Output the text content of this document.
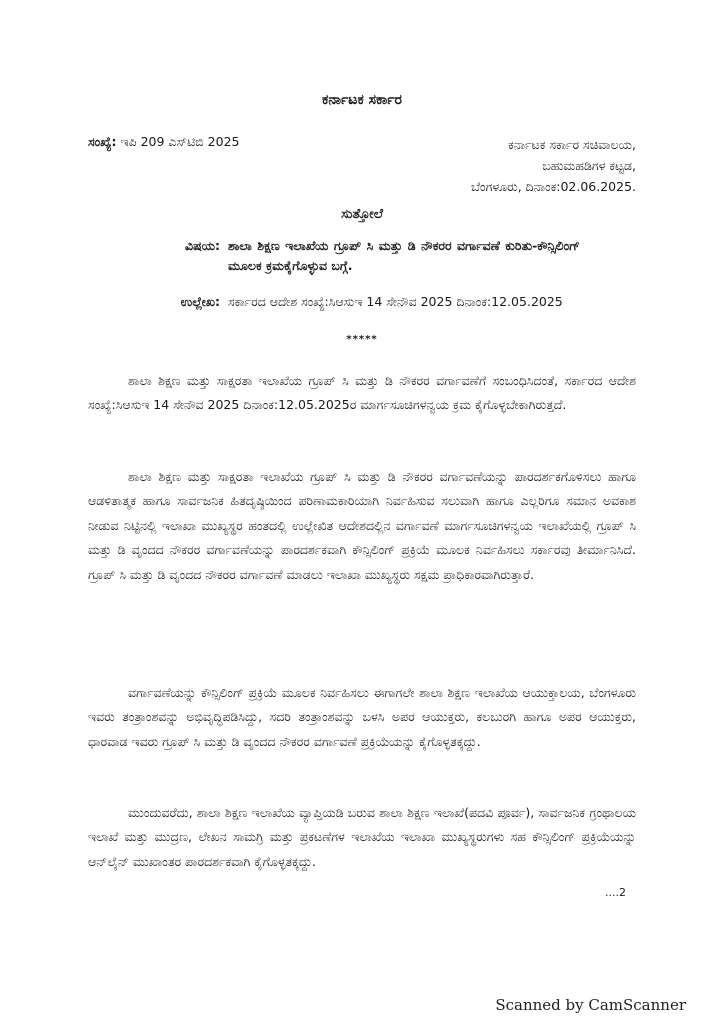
ಕರ್ನಾಟಕ ಸರ್ಕಾರ
ಸಂಖ್ಯೆ: ಇಪಿ 209 ಎಸ್‌ಟಿಬಿ 2025	ಕರ್ನಾಟಕ ಸರ್ಕಾರ ಸಚಿವಾಲಯ,
ಬಹುಮಹಡಿಗಳ ಕಟ್ಟಡ,
ಬೆಂಗಳೂರು, ದಿನಾಂಕ:02.06.2025.
ಸುತ್ತೋಲೆ
ವಿಷಯ: ಶಾಲಾ ಶಿಕ್ಷಣ ಇಲಾಖೆಯ ಗ್ರೂಪ್ ಸಿ ಮತ್ತು ಡಿ ನೌಕರರ ವರ್ಗಾವಣೆ ಕುರಿತು-ಕೌನ್ಸಿಲಿಂಗ್ ಮೂಲಕ ಕ್ರಮಕೈಗೊಳ್ಳುವ ಬಗ್ಗೆ.
ಉಲ್ಲೇಖ: ಸರ್ಕಾರದ ಆದೇಶ ಸಂಖ್ಯೆ:ಸಿಆಸುಇ 14 ಸೇನೌವ 2025 ದಿನಾಂಕ:12.05.2025
*****

ಶಾಲಾ ಶಿಕ್ಷಣ ಮತ್ತು ಸಾಕ್ಷರತಾ ಇಲಾಖೆಯ ಗ್ರೂಪ್ ಸಿ ಮತ್ತು ಡಿ ನೌಕರರ ವರ್ಗಾವಣೆಗೆ ಸಂಬಂಧಿಸಿದಂತೆ, ಸರ್ಕಾರದ ಆದೇಶ ಸಂಖ್ಯೆ:ಸಿಆಸುಇ 14 ಸೇನೌವ 2025 ದಿನಾಂಕ:12.05.2025ರ ಮಾರ್ಗಸೂಚಿಗಳನ್ವಯ ಕ್ರಮ ಕೈಗೊಳ್ಳಬೇಕಾಗಿರುತ್ತದೆ.

ಶಾಲಾ ಶಿಕ್ಷಣ ಮತ್ತು ಸಾಕ್ಷರತಾ ಇಲಾಖೆಯ ಗ್ರೂಪ್ ಸಿ ಮತ್ತು ಡಿ ನೌಕರರ ವರ್ಗಾವಣೆಯನ್ನು ಪಾರದರ್ಶಕಗೊಳಿಸಲು ಹಾಗೂ ಆಡಳಿತಾತ್ಮಕ ಹಾಗೂ ಸಾರ್ವಜನಿಕ ಹಿತದೃಷ್ಠಿಯಿಂದ ಪರಿಣಾಮಕಾರಿಯಾಗಿ ನಿರ್ವಹಿಸುವ ಸಲುವಾಗಿ ಹಾಗೂ ಎಲ್ಲರಿಗೂ ಸಮಾನ ಅವಕಾಶ ನೀಡುವ ನಿಟ್ಟಿನಲ್ಲಿ ಇಲಾಖಾ ಮುಖ್ಯಸ್ಥರ ಹಂತದಲ್ಲಿ ಉಲ್ಲೇಖಿತ ಆದೇಶದಲ್ಲಿನ ವರ್ಗಾವಣೆ ಮಾರ್ಗಸೂಚಿಗಳನ್ವಯ ಇಲಾಖೆಯಲ್ಲಿ ಗ್ರೂಪ್ ಸಿ ಮತ್ತು ಡಿ ವೃಂದದ ನೌಕರರ ವರ್ಗಾವಣೆಯನ್ನು ಪಾರದರ್ಶಕವಾಗಿ ಕೌನ್ಸಿಲಿಂಗ್ ಪ್ರಕ್ರಿಯೆ ಮೂಲಕ ನಿರ್ವಹಿಸಲು ಸರ್ಕಾರವು ತೀರ್ಮಾನಿಸಿದೆ. ಗ್ರೂಪ್ ಸಿ ಮತ್ತು ಡಿ ವೃಂದದ ನೌಕರರ ವರ್ಗಾವಣೆ ಮಾಡಲು ಇಲಾಖಾ ಮುಖ್ಯಸ್ಥರು ಸಕ್ಷಮ ಪ್ರಾಧಿಕಾರವಾಗಿರುತ್ತಾರೆ.

ವರ್ಗಾವಣೆಯನ್ನು ಕೌನ್ಸಿಲಿಂಗ್ ಪ್ರಕ್ರಿಯೆ ಮೂಲಕ ನಿರ್ವಹಿಸಲು ಈಗಾಗಲೇ ಶಾಲಾ ಶಿಕ್ಷಣ ಇಲಾಖೆಯ ಆಯುಕ್ತಾಲಯ, ಬೆಂಗಳೂರು ಇವರು ತಂತ್ರಾಂಶವನ್ನು ಅಭಿವೃದ್ಧಿಪಡಿಸಿದ್ದು, ಸದರಿ ತಂತ್ರಾಂಶವನ್ನು ಬಳಸಿ ಅಪರ ಆಯುಕ್ತರು, ಕಲಬುರಗಿ ಹಾಗೂ ಅಪರ ಆಯುಕ್ತರು, ಧಾರವಾಡ ಇವರು ಗ್ರೂಪ್ ಸಿ ಮತ್ತು ಡಿ ವೃಂದದ ನೌಕರರ ವರ್ಗಾವಣೆ ಪ್ರಕ್ರಿಯೆಯನ್ನು ಕೈಗೊಳ್ಳತಕ್ಕದ್ದು.

ಮುಂದುವರೆದು, ಶಾಲಾ ಶಿಕ್ಷಣ ಇಲಾಖೆಯ ವ್ಯಾಪ್ತಿಯಡಿ ಬರುವ ಶಾಲಾ ಶಿಕ್ಷಣ ಇಲಾಖೆ(ಪದವಿ ಪೂರ್ವ), ಸಾರ್ವಜನಿಕ ಗ್ರಂಥಾಲಯ ಇಲಾಖೆ ಮತ್ತು ಮುದ್ರಣ, ಲೇಖನ ಸಾಮಗ್ರಿ ಮತ್ತು ಪ್ರಕಟಣೆಗಳ ಇಲಾಖೆಯ ಇಲಾಖಾ ಮುಖ್ಯಸ್ಥರುಗಳು ಸಹ ಕೌನ್ಸಿಲಿಂಗ್ ಪ್ರಕ್ರಿಯೆಯನ್ನು ಆನ್‌ಲೈನ್ ಮುಖಾಂತರ ಪಾರದರ್ಶಕವಾಗಿ ಕೈಗೊಳ್ಳತಕ್ಕದ್ದು.

....2
Scanned by CamScanner
